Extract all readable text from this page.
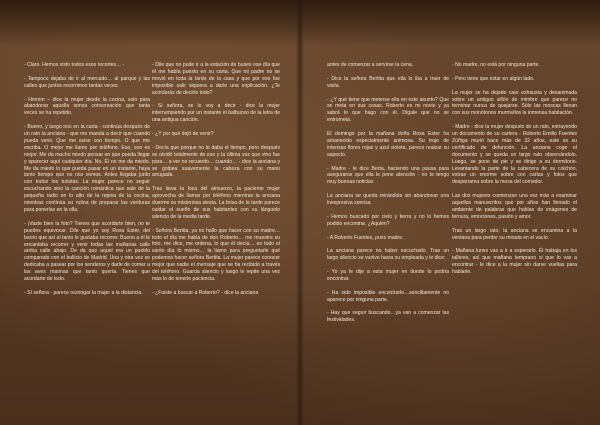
- Claro. Hemos visto todos esos recortes… -

- Tampoco dejaba de ir al mercado… al parque y las calles que juntos recorrimos tantas veces.

- Hmmm – dice la mujer desde la cocina, solo para abandonar aquella sonsa conversación que tanta veces se ha repetido.

- Bueno, y luego nos en la carta - continúa después de un rato la anciana - que me manda a decir que cuando pueda venir. Que me avise con tiempo. O que me escriba. O mejor me llame por teléfono. Eso, eso es mejor. Me da mucho miedo pensar en que pueda llegar y aparecer aquí cualquier día. No. Él no me da miedo. Me da miedo lo que pueda pasar en un instante, haya tanto tiempo que no nos vemos. Antes llegaba junto con todos los turistas. La mujer parece no seguir escuchando sino la canción romántica que sale de la pequeña radio en lo alto de la repisa de la cocina, mientras continúa su rutina de preparar las verduras para ponerlas en la olla.

- ¡Vaste bien la foto? Tienes que acordarte bien, no te puedes equivocar. Dile que yo soy Rosa Ester, del barrio que así el tanto le gustaba recorrer. Bueno a él le encantaba recorrer y venir todas las mañanas calle arriba calle abajo. De da que aquel era un pueblo comparado con el bullicio de Madrid. Una y otra vez se dedicaba a pasear por los senderos y darle de comer a las aves marinas que tanto quería. Tienes que acordarte de todo.

- Sí señora - parece rezongar la mujer a la distancia.

- Dile que no pude ir a la estación de buses ese día que él me había puesto en su carta. Que mi padre no se movió en toda la tarde de la casa y que por eso fue imposible salir siquiera a darle una explicación. ¿Te acordarás de decirle todo?

- Sí señora, se lo voy a decir - dice la mujer interrumpiendo por un instante el balbuceo de la letra de una antigua canción.

- ¿Y por qué dejó de venir?

- Decía que porque no le daba el tiempo, pero después se olvidó totalmente de eso y la última vez que vino fue para… a ver no recuerdo… cuando… - dice la anciana y se golpea suavemente la cabeza con su mano arrugada.

Tras lavar la loza del almuerzo, la paciente mujer aprovecha de llamar por teléfono mientras la anciana duerme su misteriosa siesta. La brisa de la tarde parece cuidar el sueño de sus habitantes con su lánguido silencio de la media tarde.

- Señora Bertita, ya no hallo que hacer con su madre… todo el día me habla de don Roberto… me muestra su foto, me dice, me ordena, lo que él decía… es todo el santo día lo mismo… la llamo para preguntarle qué podemos hacer señora Bertita. La mujer parece conocer mejor que nadie el mensaje que se ha recibido a través del teléfono. Guarda silencio y luego le repite una vez más lo de tenerle paciencia.

- ¿Fuiste a buscar a Roberto? - dice la anciana

antes de comenzar a servirse la cena.

- Dice la señora Bertita que ella lo iba a traer de visita.

- ¿Y qué tiene que meterse ella en este asunto? Que se meta en sus cosas. Roberto es mi novio y ya sabrá lo que hago con él. Dígale que no se entrometa.

El domingo por la mañana doña Rosa Ester ha amanecido especialmente animosa. Su traje de intensas flores rojas y azul violeta, parece realzar su aspecto.

- Madre - le dice Berta, haciendo una pausa para asegurarse que ella le pone atención - no te tengo muy buenas noticias

La anciana se queda mirándola sin abandonar una inexpresiva sonrisa

- Hemos buscado por cielo y tierra y no lo hemos podido encontrar. ¿Aquién?

- A Roberto Fuentes, pues madre.

La anciana parece no haber escuchado. Tras un largo silencio se vuelve hacia su empleada y le dice:

- Yo ya le dije a esta mujer en donde lo podría encontrar.

- Ha sido imposible encontrarlo…sencillamente no aparece por ninguna parte.

- Hay que seguir buscando…ya van a comenzar las festividades.

- No madre, no está por ninguna parte.

- Pero tiene que estar en algún lado.

La mujer se ha dejado caer exhausta y desanimada sobre un antiguo sillón de mimbre que parece no terminar nunca de quejarse. Sólo las moscas llenan con sus monótonos murmullos la inmensa habitación.

- Madre - dice la mujer después de un rato, extrayendo un documento de su cartera - Roberto Emilio Fuentes Zúñiga murió hace más de 32 años, este es su certificado de defunción. La anciana coge el documento y se queda un largo rato observándolo. Luego, se pone de pie y se dirige a su dormitorio. Levantando la parte de la cabecera de su colchón, extrae un enorme sobre con cartas y fotos que desparrama sobre la mesa del comedor.

Las dos mujeres comienzan una vez más a examinar aquellos manuscritos que por años han llenado el ambiente de palabras que hablan de imágenes de ternura, emociones, pasión y amor.

Tras un largo rato, la anciana se encamina a la ventana para perder su mirada en el vacío.

- Mañana lunes vas a ir a esperarlo. Él trabaja en los talleres, así que mañana temprano si que lo vas a encontrar - le dice a la mujer sin darse vueltas para hablarle.
